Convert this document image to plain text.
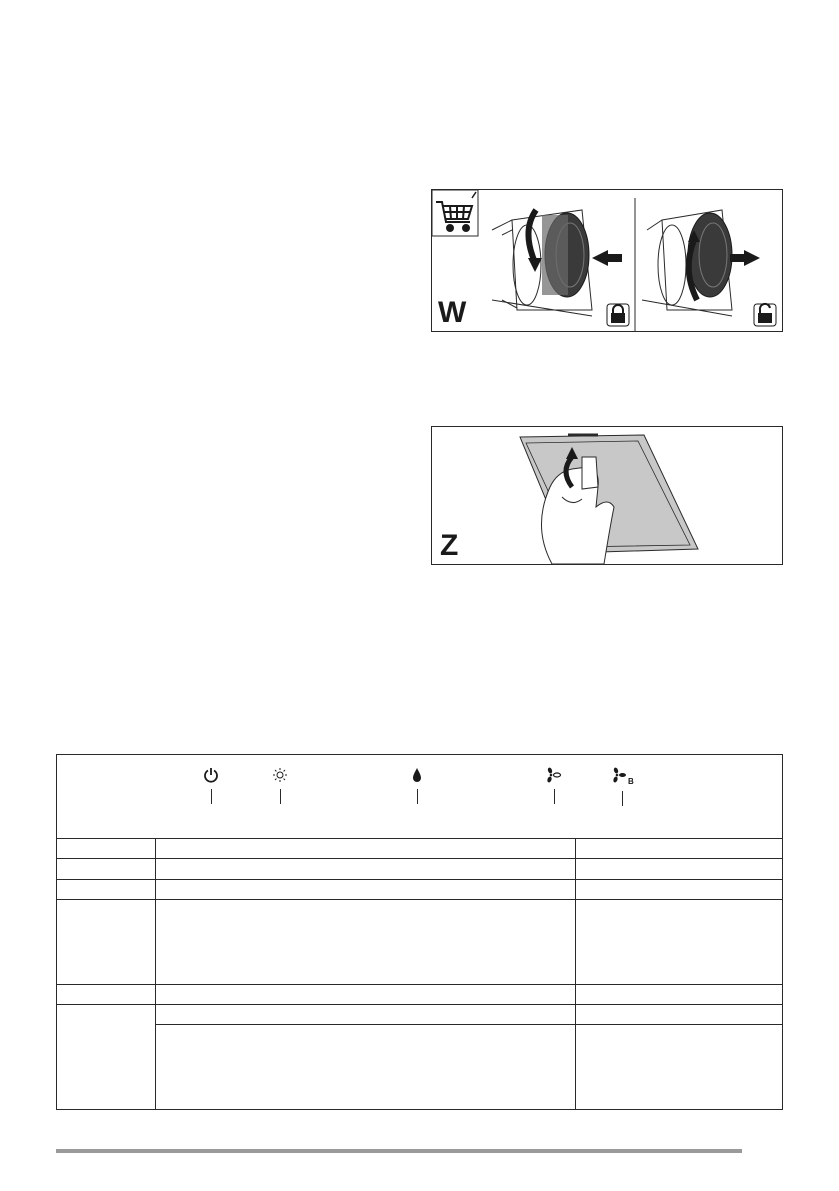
W
Z
B
